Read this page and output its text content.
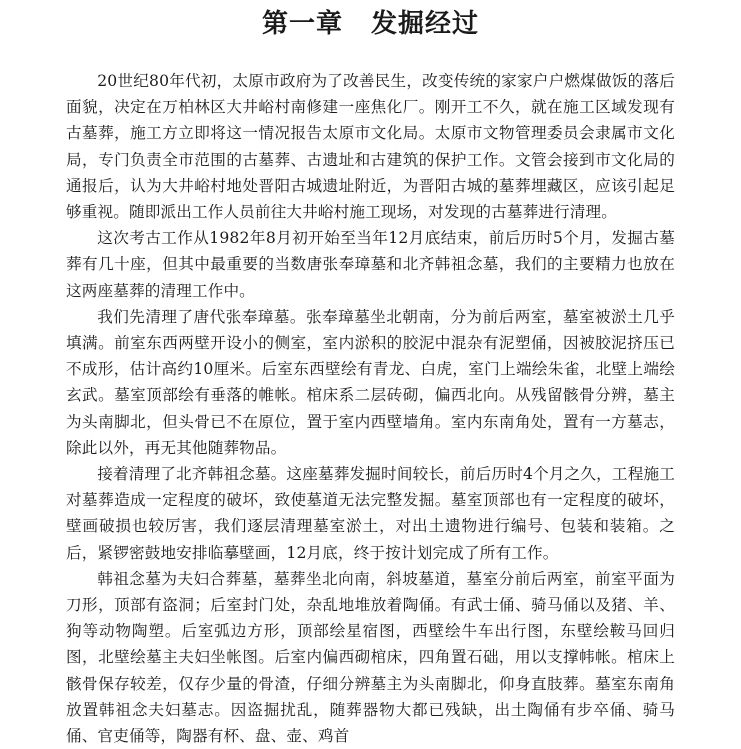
第一章 发掘经过

20世纪80年代初，太原市政府为了改善民生，改变传统的家家户户燃煤做饭的落后面貌，决定在万柏林区大井峪村南修建一座焦化厂。刚开工不久，就在施工区域发现有古墓葬，施工方立即将这一情况报告太原市文化局。太原市文物管理委员会隶属市文化局，专门负责全市范围的古墓葬、古遗址和古建筑的保护工作。文管会接到市文化局的通报后，认为大井峪村地处晋阳古城遗址附近，为晋阳古城的墓葬埋藏区，应该引起足够重视。随即派出工作人员前往大井峪村施工现场，对发现的古墓葬进行清理。

这次考古工作从1982年8月初开始至当年12月底结束，前后历时5个月，发掘古墓葬有几十座，但其中最重要的当数唐张奉璋墓和北齐韩祖念墓，我们的主要精力也放在这两座墓葬的清理工作中。

我们先清理了唐代张奉璋墓。张奉璋墓坐北朝南，分为前后两室，墓室被淤土几乎填满。前室东西两壁开设小的侧室，室内淤积的胶泥中混杂有泥塑俑，因被胶泥挤压已不成形，估计高约10厘米。后室东西壁绘有青龙、白虎，室门上端绘朱雀，北壁上端绘玄武。墓室顶部绘有垂落的帷帐。棺床系二层砖砌，偏西北向。从残留骸骨分辨，墓主为头南脚北，但头骨已不在原位，置于室内西壁墙角。室内东南角处，置有一方墓志，除此以外，再无其他随葬物品。

接着清理了北齐韩祖念墓。这座墓葬发掘时间较长，前后历时4个月之久，工程施工对墓葬造成一定程度的破坏，致使墓道无法完整发掘。墓室顶部也有一定程度的破坏，壁画破损也较厉害，我们逐层清理墓室淤土，对出土遗物进行编号、包装和装箱。之后，紧锣密鼓地安排临摹壁画，12月底，终于按计划完成了所有工作。

韩祖念墓为夫妇合葬墓，墓葬坐北向南，斜坡墓道，墓室分前后两室，前室平面为刀形，顶部有盗洞；后室封门处，杂乱地堆放着陶俑。有武士俑、骑马俑以及猪、羊、狗等动物陶塑。后室弧边方形，顶部绘星宿图，西壁绘牛车出行图，东壁绘鞍马回归图，北壁绘墓主夫妇坐帐图。后室内偏西砌棺床，四角置石础，用以支撑帏帐。棺床上骸骨保存较差，仅存少量的骨渣，仔细分辨墓主为头南脚北，仰身直肢葬。墓室东南角放置韩祖念夫妇墓志。因盗掘扰乱，随葬器物大都已残缺，出土陶俑有步卒俑、骑马俑、官吏俑等，陶器有杯、盘、壶、鸡首
